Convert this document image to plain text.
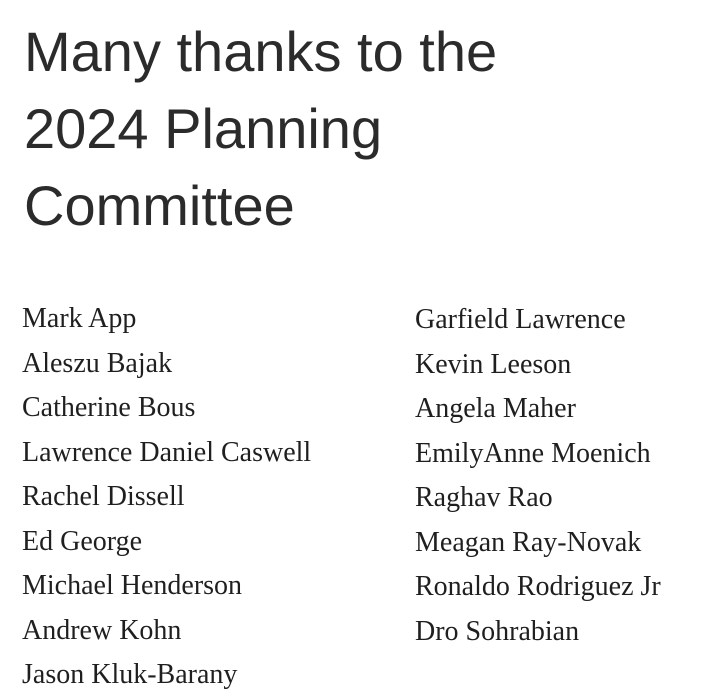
Many thanks to the
2024 Planning
Committee
Mark App
Aleszu Bajak
Catherine Bous
Lawrence Daniel Caswell
Rachel Dissell
Ed George
Michael Henderson
Andrew Kohn
Jason Kluk-Barany
Garfield Lawrence
Kevin Leeson
Angela Maher
EmilyAnne Moenich
Raghav Rao
Meagan Ray-Novak
Ronaldo Rodriguez Jr
Dro Sohrabian
